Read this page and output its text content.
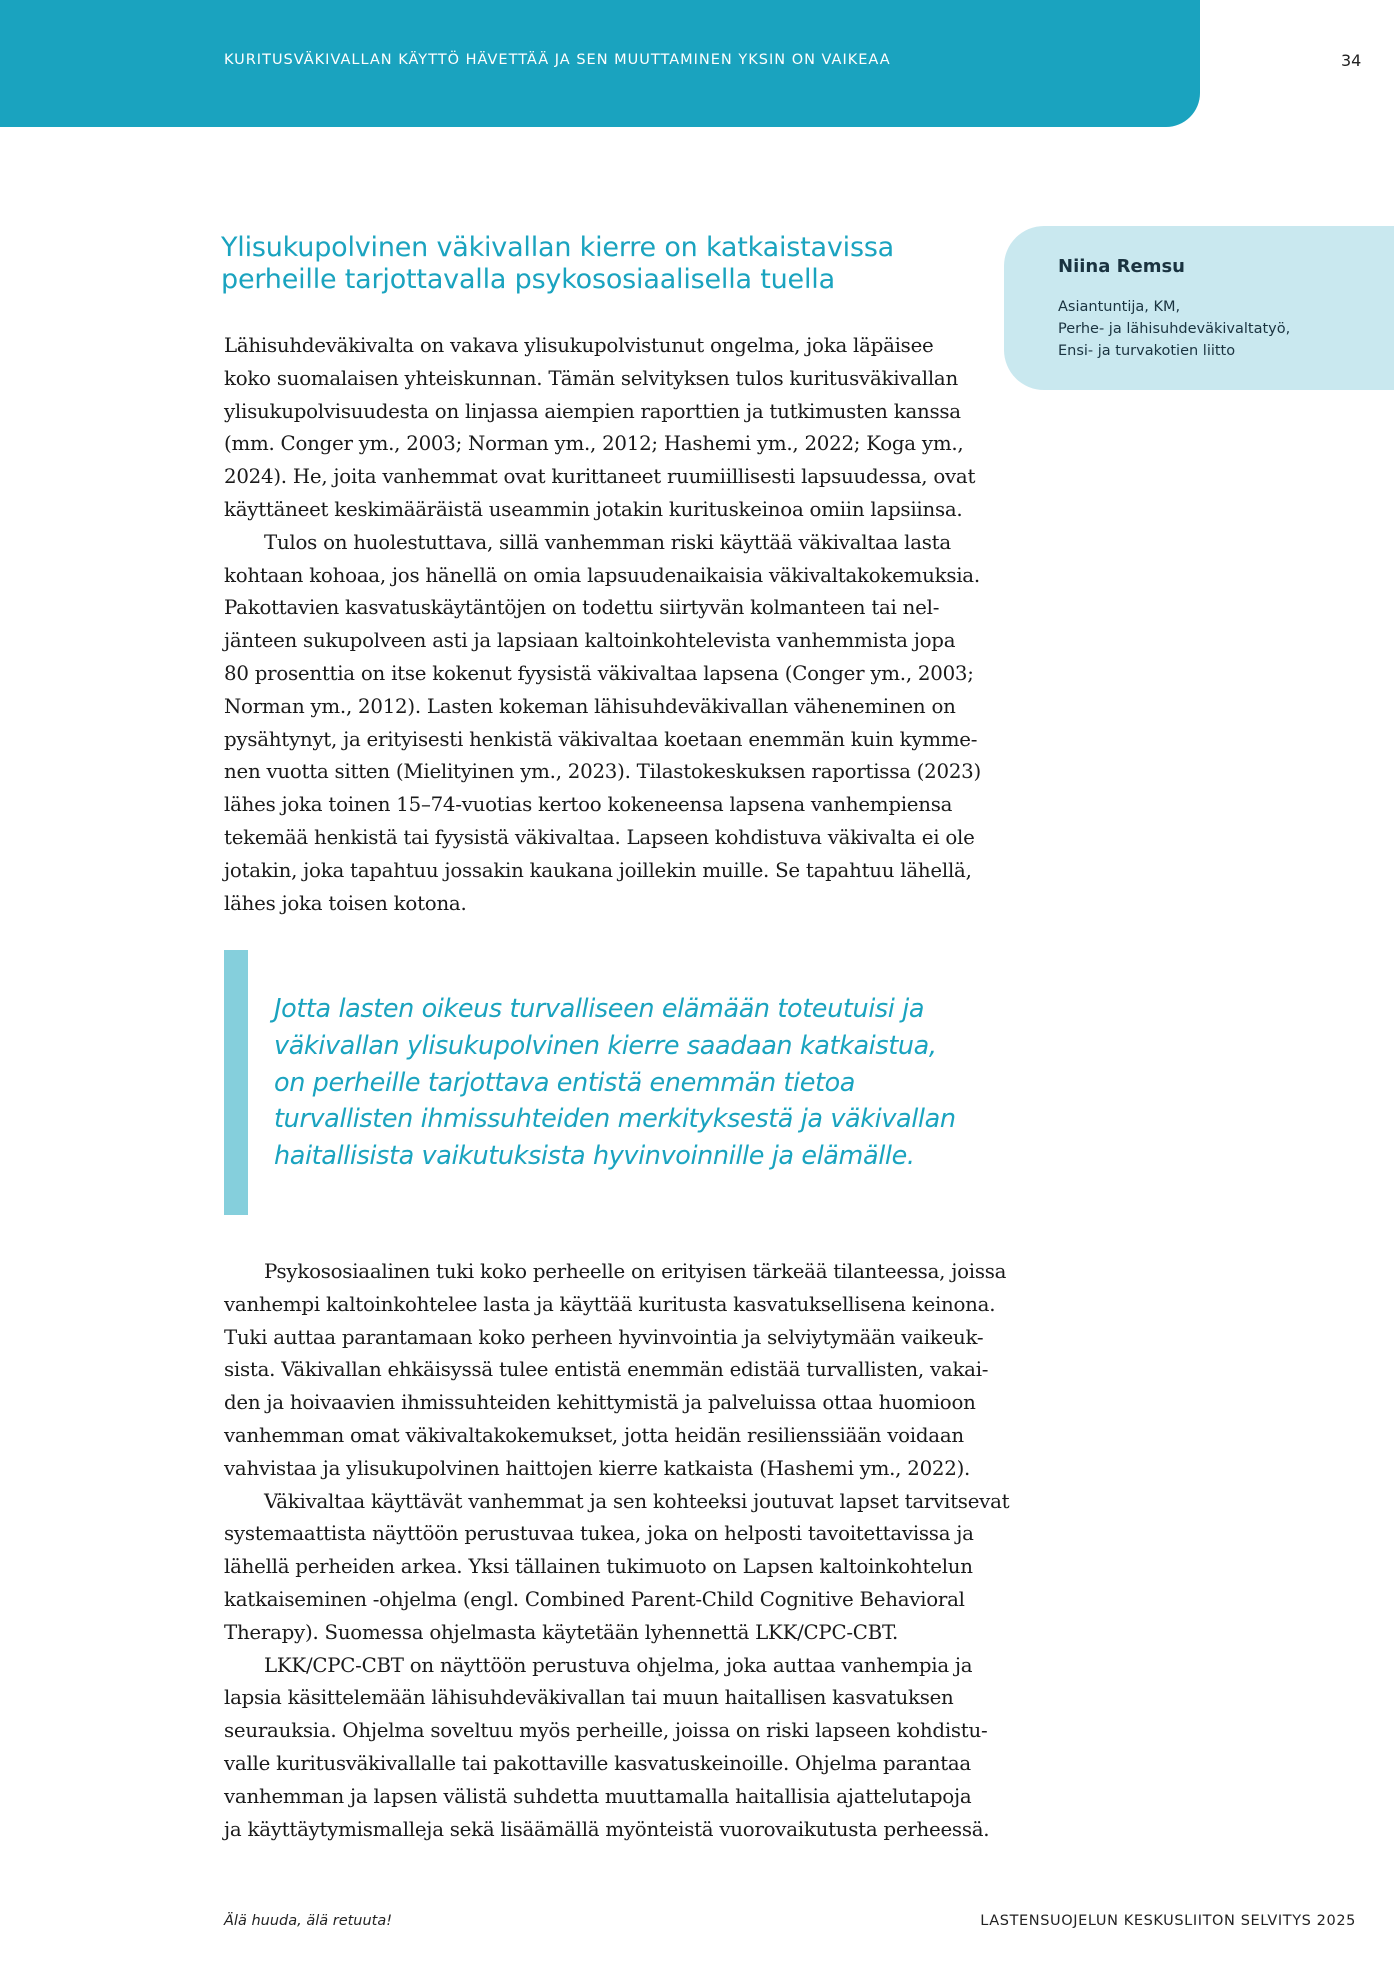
KURITUSVÄKIVALLAN KÄYTTÖ HÄVETTÄÄ JA SEN MUUTTAMINEN YKSIN ON VAIKEAA	34
Ylisukupolvinen väkivallan kierre on katkaistavissa
perheille tarjottavalla psykososiaalisella tuella	Niina Remsu
Asiantuntija, KM,
Perhe- ja lähisuhdeväkivaltatyö,
Ensi- ja turvakotien liitto
Lähisuhdeväkivalta on vakava ylisukupolvistunut ongelma, joka läpäisee
koko suomalaisen yhteiskunnan. Tämän selvityksen tulos kuritusväkivallan
ylisukupolvisuudesta on linjassa aiempien raporttien ja tutkimusten kanssa
(mm. Conger ym., 2003; Norman ym., 2012; Hashemi ym., 2022; Koga ym.,
2024). He, joita vanhemmat ovat kurittaneet ruumiillisesti lapsuudessa, ovat
käyttäneet keskimääräistä useammin jotakin kurituskeinoa omiin lapsiinsa.
Tulos on huolestuttava, sillä vanhemman riski käyttää väkivaltaa lasta
kohtaan kohoaa, jos hänellä on omia lapsuudenaikaisia väkivaltakokemuksia.
Pakottavien kasvatuskäytäntöjen on todettu siirtyvän kolmanteen tai nel-
jänteen sukupolveen asti ja lapsiaan kaltoinkohtelevista vanhemmista jopa
80 prosenttia on itse kokenut fyysistä väkivaltaa lapsena (Conger ym., 2003;
Norman ym., 2012). Lasten kokeman lähisuhdeväkivallan väheneminen on
pysähtynyt, ja erityisesti henkistä väkivaltaa koetaan enemmän kuin kymme-
nen vuotta sitten (Mielityinen ym., 2023). Tilastokeskuksen raportissa (2023)
lähes joka toinen 15–74-vuotias kertoo kokeneensa lapsena vanhempiensa
tekemää henkistä tai fyysistä väkivaltaa. Lapseen kohdistuva väkivalta ei ole
jotakin, joka tapahtuu jossakin kaukana joillekin muille. Se tapahtuu lähellä,
lähes joka toisen kotona.
Jotta lasten oikeus turvalliseen elämään toteutuisi ja
väkivallan ylisukupolvinen kierre saadaan katkaistua,
on perheille tarjottava entistä enemmän tietoa
turvallisten ihmissuhteiden merkityksestä ja väkivallan
haitallisista vaikutuksista hyvinvoinnille ja elämälle.
Psykososiaalinen tuki koko perheelle on erityisen tärkeää tilanteessa, joissa
vanhempi kaltoinkohtelee lasta ja käyttää kuritusta kasvatuksellisena keinona.
Tuki auttaa parantamaan koko perheen hyvinvointia ja selviytymään vaikeuk-
sista. Väkivallan ehkäisyssä tulee entistä enemmän edistää turvallisten, vakai-
den ja hoivaavien ihmissuhteiden kehittymistä ja palveluissa ottaa huomioon
vanhemman omat väkivaltakokemukset, jotta heidän resilienssiään voidaan
vahvistaa ja ylisukupolvinen haittojen kierre katkaista (Hashemi ym., 2022).
Väkivaltaa käyttävät vanhemmat ja sen kohteeksi joutuvat lapset tarvitsevat
systemaattista näyttöön perustuvaa tukea, joka on helposti tavoitettavissa ja
lähellä perheiden arkea. Yksi tällainen tukimuoto on Lapsen kaltoinkohtelun
katkaiseminen -ohjelma (engl. Combined Parent-Child Cognitive Behavioral
Therapy). Suomessa ohjelmasta käytetään lyhennettä LKK/CPC-CBT.
LKK/CPC-CBT on näyttöön perustuva ohjelma, joka auttaa vanhempia ja
lapsia käsittelemään lähisuhdeväkivallan tai muun haitallisen kasvatuksen
seurauksia. Ohjelma soveltuu myös perheille, joissa on riski lapseen kohdistu-
valle kuritusväkivallalle tai pakottaville kasvatuskeinoille. Ohjelma parantaa
vanhemman ja lapsen välistä suhdetta muuttamalla haitallisia ajattelutapoja
ja käyttäytymismalleja sekä lisäämällä myönteistä vuorovaikutusta perheessä.
Älä huuda, älä retuuta!	LASTENSUOJELUN KESKUSLIITON SELVITYS 2025
